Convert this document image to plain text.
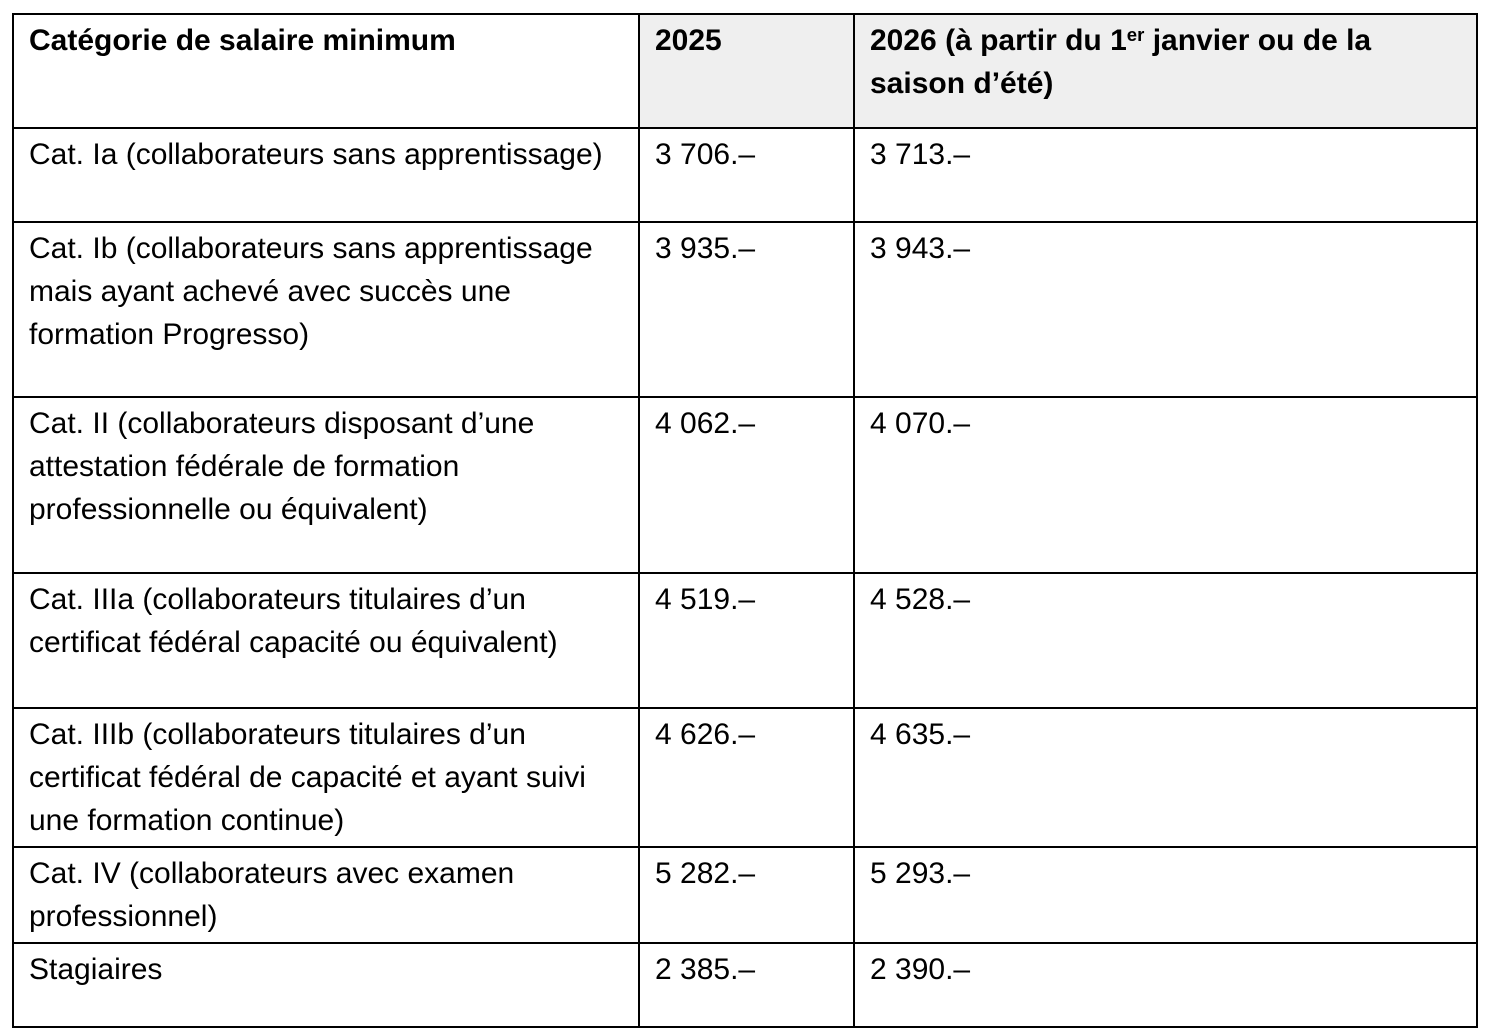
Catégorie de salaire minimum	2025	2026 (à partir du 1er janvier ou de la saison d’été)
Cat. Ia (collaborateurs sans apprentissage)	3 706.–	3 713.–
Cat. Ib (collaborateurs sans apprentissage mais ayant achevé avec succès une formation Progresso)	3 935.–	3 943.–
Cat. II (collaborateurs disposant d’une attestation fédérale de formation professionnelle ou équivalent)	4 062.–	4 070.–
Cat. IIIa (collaborateurs titulaires d’un certificat fédéral capacité ou équivalent)	4 519.–	4 528.–
Cat. IIIb (collaborateurs titulaires d’un certificat fédéral de capacité et ayant suivi une formation continue)	4 626.–	4 635.–
Cat. IV (collaborateurs avec examen professionnel)	5 282.–	5 293.–
Stagiaires	2 385.–	2 390.–
